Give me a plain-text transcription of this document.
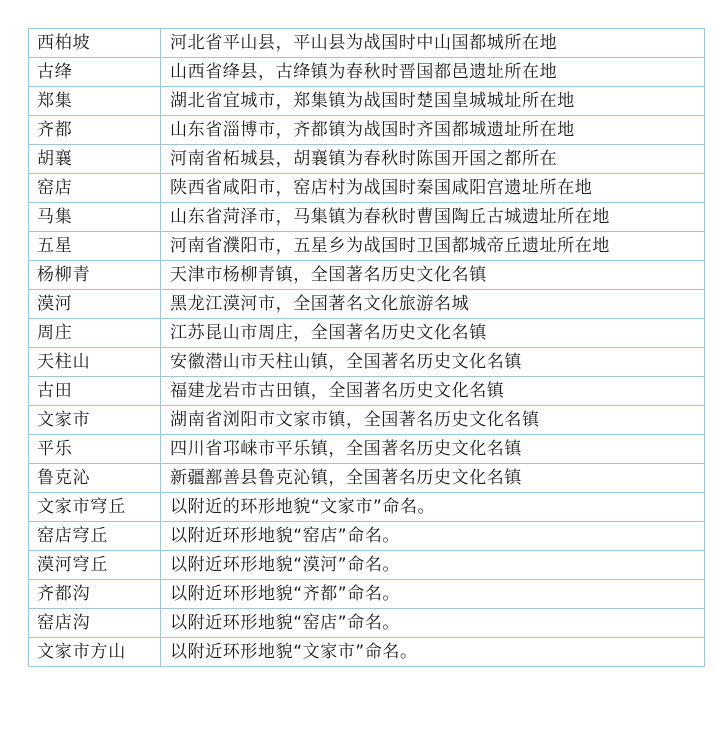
西柏坡	河北省平山县，平山县为战国时中山国都城所在地
古绛	山西省绛县，古绛镇为春秋时晋国都邑遗址所在地
郑集	湖北省宜城市，郑集镇为战国时楚国皇城城址所在地
齐都	山东省淄博市，齐都镇为战国时齐国都城遗址所在地
胡襄	河南省柘城县，胡襄镇为春秋时陈国开国之都所在
窑店	陕西省咸阳市，窑店村为战国时秦国咸阳宫遗址所在地
马集	山东省菏泽市，马集镇为春秋时曹国陶丘古城遗址所在地
五星	河南省濮阳市，五星乡为战国时卫国都城帝丘遗址所在地
杨柳青	天津市杨柳青镇，全国著名历史文化名镇
漠河	黑龙江漠河市，全国著名文化旅游名城
周庄	江苏昆山市周庄，全国著名历史文化名镇
天柱山	安徽潜山市天柱山镇，全国著名历史文化名镇
古田	福建龙岩市古田镇，全国著名历史文化名镇
文家市	湖南省浏阳市文家市镇，全国著名历史文化名镇
平乐	四川省邛崃市平乐镇，全国著名历史文化名镇
鲁克沁	新疆鄯善县鲁克沁镇，全国著名历史文化名镇
文家市穹丘	以附近的环形地貌“文家市”命名。
窑店穹丘	以附近环形地貌“窑店”命名。
漠河穹丘	以附近环形地貌“漠河”命名。
齐都沟	以附近环形地貌“齐都”命名。
窑店沟	以附近环形地貌“窑店”命名。
文家市方山	以附近环形地貌“文家市”命名。
